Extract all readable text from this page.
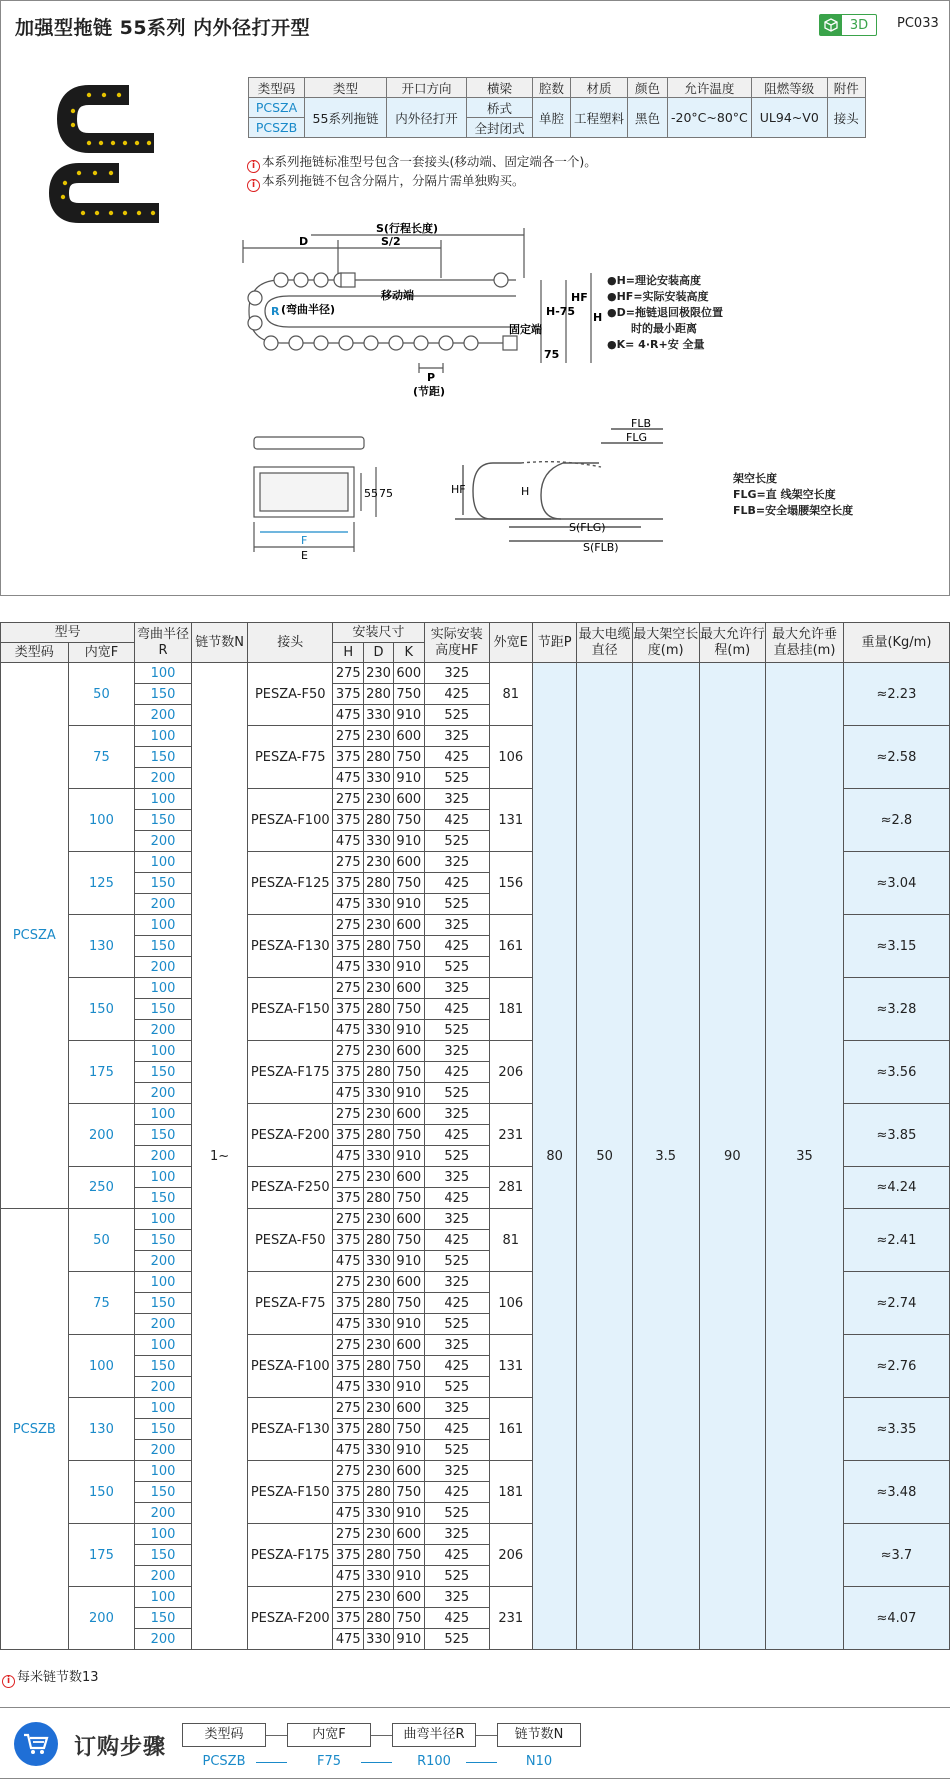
加强型拖链 55系列 内外径打开型	3D	PC033
类型码	类型	开口方向	横梁	腔数	材质	颜色	允许温度	阻燃等级	附件
PCSZA	55系列拖链	内外径打开	桥式	单腔	工程塑料	黑色	-20°C~80°C	UL94~V0	接头
PCSZB			全封闭式						
i 本系列拖链标准型号包含一套接头(移动端、固定端各一个)。
i 本系列拖链不包含分隔片，分隔片需单独购买。
S(行程长度)
S/2
D
移动端
R (弯曲半径)
固定端
H-75
HF
H
75
P
(节距)
●H=理论安装高度
●HF=实际安装高度
●D=拖链退回极限位置
时的最小距离
●K= 4·R+安 全量
F
E
55 75
FLB
FLG
HF	H
S(FLG)
S(FLB)
架空长度
FLG=直 线架空长度
FLB=安全塌腰架空长度
型号		弯曲半径R	链节数N	接头	安装尺寸			实际安装高度HF	外宽E	节距P	最大电缆直径	最大架空长度(m)	最大允许行程(m)	最大允许垂直悬挂(m)	重量(Kg/m)
类型码	内宽F				H	D	K								
PCSZA	50	100	1~	PESZA-F50	275	230	600	325	81	80	50	3.5	90	35	≈2.23
		150			375	280	750	425							
		200			475	330	910	525							
	75	100		PESZA-F75	275	230	600	325	106						≈2.58
		150			375	280	750	425							
		200			475	330	910	525							
	100	100		PESZA-F100	275	230	600	325	131						≈2.8
		150			375	280	750	425							
		200			475	330	910	525							
	125	100		PESZA-F125	275	230	600	325	156						≈3.04
		150			375	280	750	425							
		200			475	330	910	525							
	130	100		PESZA-F130	275	230	600	325	161						≈3.15
		150			375	280	750	425							
		200			475	330	910	525							
	150	100		PESZA-F150	275	230	600	325	181						≈3.28
		150			375	280	750	425							
		200			475	330	910	525							
	175	100		PESZA-F175	275	230	600	325	206						≈3.56
		150			375	280	750	425							
		200			475	330	910	525							
	200	100		PESZA-F200	275	230	600	325	231						≈3.85
		150			375	280	750	425							
		200			475	330	910	525							
	250	100		PESZA-F250	275	230	600	325	281						≈4.24
		150			375	280	750	425							
PCSZB	50	100		PESZA-F50	275	230	600	325	81						≈2.41
		150			375	280	750	425							
		200			475	330	910	525							
	75	100		PESZA-F75	275	230	600	325	106						≈2.74
		150			375	280	750	425							
		200			475	330	910	525							
	100	100		PESZA-F100	275	230	600	325	131						≈2.76
		150			375	280	750	425							
		200			475	330	910	525							
	130	100		PESZA-F130	275	230	600	325	161						≈3.35
		150			375	280	750	425							
		200			475	330	910	525							
	150	100		PESZA-F150	275	230	600	325	181						≈3.48
		150			375	280	750	425							
		200			475	330	910	525							
	175	100		PESZA-F175	275	230	600	325	206						≈3.7
		150			375	280	750	425							
		200			475	330	910	525							
	200	100		PESZA-F200	275	230	600	325	231						≈4.07
		150			375	280	750	425							
		200			475	330	910	525							
i 每米链节数13
订购步骤
类型码	内宽F	曲弯半径R	链节数N
PCSZB	F75	R100	N10
